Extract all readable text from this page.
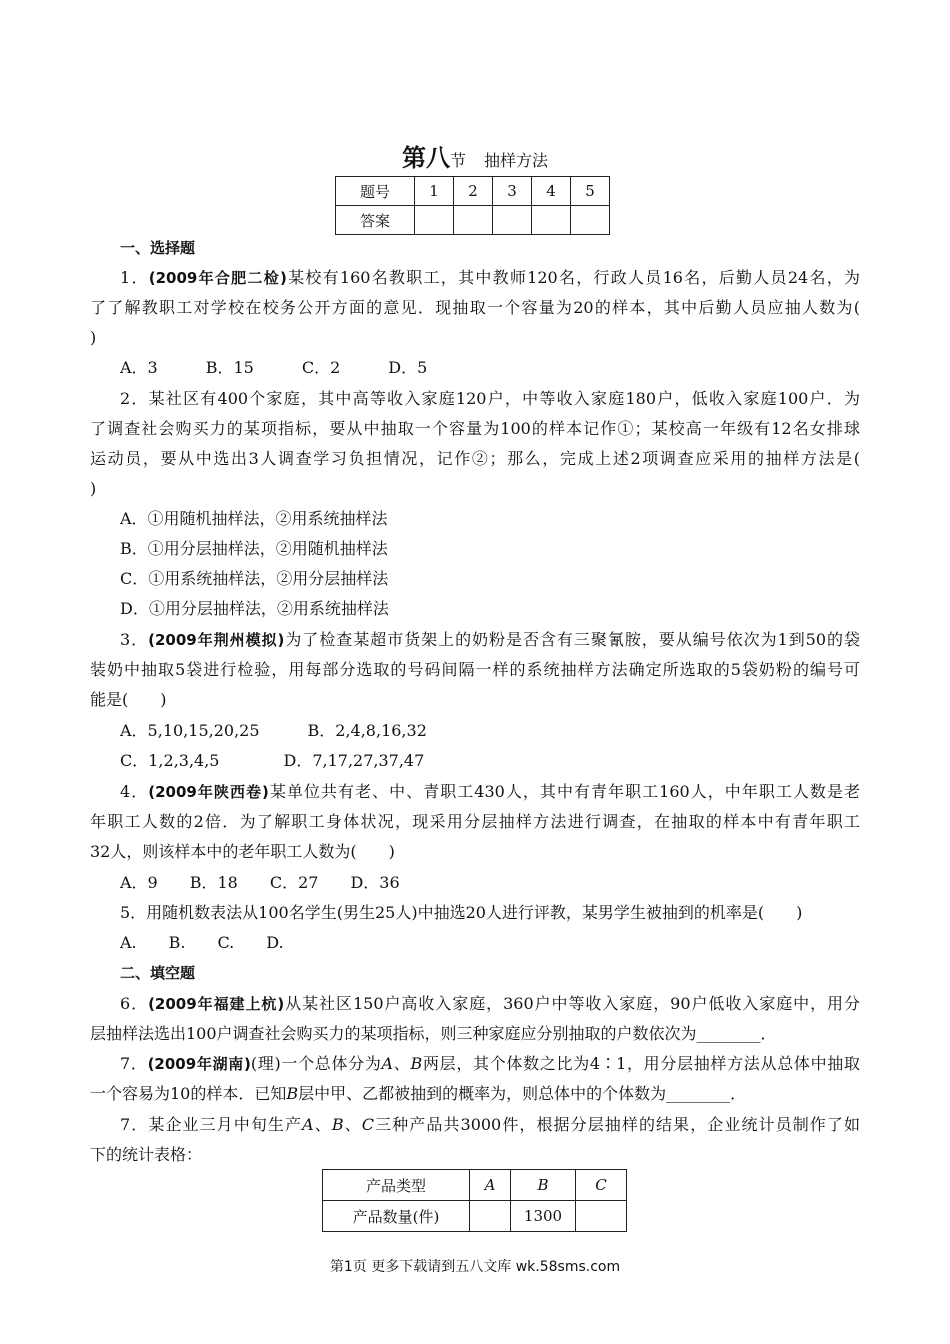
第八节 抽样方法
题号	1	2	3	4	5
答案					
一、选择题
1．(2009年合肥二检)某校有160名教职工，其中教师120名，行政人员16名，后勤人员24名，为
了了解教职工对学校在校务公开方面的意见．现抽取一个容量为20的样本，其中后勤人员应抽人数为(
)
A．3　　　B．15　　　C．2　　　D．5
2．某社区有400个家庭，其中高等收入家庭120户，中等收入家庭180户，低收入家庭100户．为
了调查社会购买力的某项指标，要从中抽取一个容量为100的样本记作①；某校高一年级有12名女排球
运动员，要从中选出3人调查学习负担情况，记作②；那么，完成上述2项调查应采用的抽样方法是(
)
A．①用随机抽样法，②用系统抽样法
B．①用分层抽样法，②用随机抽样法
C．①用系统抽样法，②用分层抽样法
D．①用分层抽样法，②用系统抽样法
3．(2009年荆州模拟)为了检查某超市货架上的奶粉是否含有三聚氰胺，要从编号依次为1到50的袋
装奶中抽取5袋进行检验，用每部分选取的号码间隔一样的系统抽样方法确定所选取的5袋奶粉的编号可
能是(　　)
A．5,10,15,20,25　　　B．2,4,8,16,32
C．1,2,3,4,5　　　　D．7,17,27,37,47
4．(2009年陕西卷)某单位共有老、中、青职工430人，其中有青年职工160人，中年职工人数是老
年职工人数的2倍．为了解职工身体状况，现采用分层抽样方法进行调查，在抽取的样本中有青年职工
32人，则该样本中的老年职工人数为(　　)
A．9　　B．18　　C．27　　D．36
5．用随机数表法从100名学生(男生25人)中抽选20人进行评教，某男学生被抽到的机率是(　　)
A.　　B.　　C.　　D.
二、填空题
6．(2009年福建上杭)从某社区150户高收入家庭，360户中等收入家庭，90户低收入家庭中，用分
层抽样法选出100户调查社会购买力的某项指标，则三种家庭应分别抽取的户数依次为________．
7．(2009年湖南)(理)一个总体分为A、B两层，其个体数之比为4∶1，用分层抽样方法从总体中抽取
一个容易为10的样本．已知B层中甲、乙都被抽到的概率为，则总体中的个体数为________．
7．某企业三月中旬生产A、B、C三种产品共3000件，根据分层抽样的结果，企业统计员制作了如
下的统计表格：
产品类型	A	B	C
产品数量(件)		1300	
第1页 更多下载请到五八文库 wk.58sms.com
